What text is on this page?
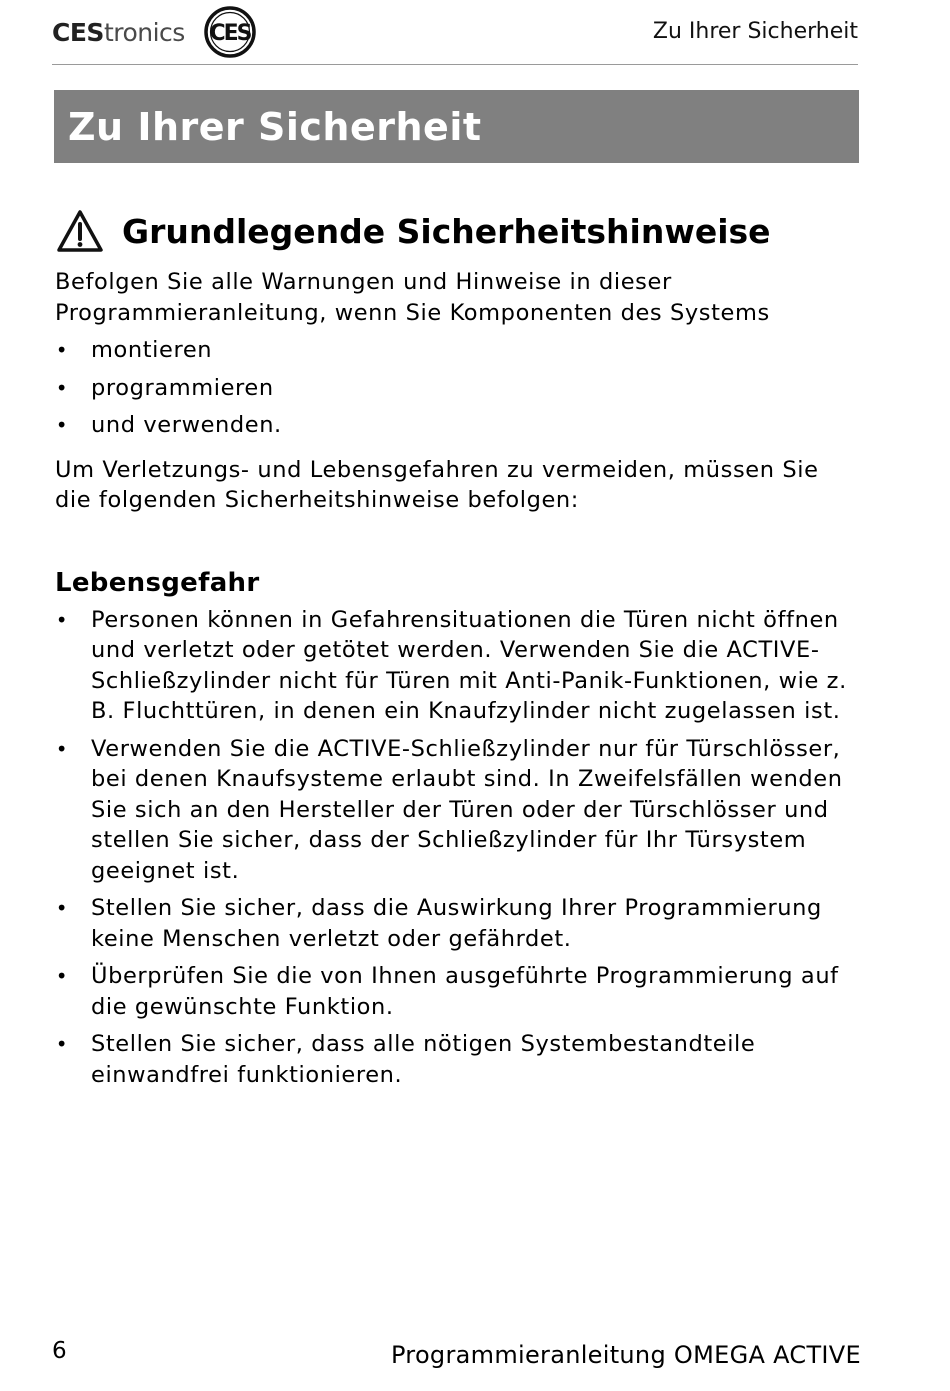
CEStronics CES	Zu Ihrer Sicherheit
Zu Ihrer Sicherheit
Grundlegende Sicherheitshinweise

Befolgen Sie alle Warnungen und Hinweise in dieser Programmieranleitung, wenn Sie Komponenten des Systems

• montieren
• programmieren
• und verwenden.

Um Verletzungs- und Lebensgefahren zu vermeiden, müssen Sie die folgenden Sicherheitshinweise befolgen:

Lebensgefahr
• Personen können in Gefahrensituationen die Türen nicht öffnen und verletzt oder getötet werden. Verwenden Sie die ACTIVE-Schließzylinder nicht für Türen mit Anti-Panik-Funktionen, wie z. B. Fluchttüren, in denen ein Knaufzylinder nicht zugelassen ist.
• Verwenden Sie die ACTIVE-Schließzylinder nur für Türschlösser, bei denen Knaufsysteme erlaubt sind. In Zweifelsfällen wenden Sie sich an den Hersteller der Türen oder der Türschlösser und stellen Sie sicher, dass der Schließzylinder für Ihr Türsystem geeignet ist.
• Stellen Sie sicher, dass die Auswirkung Ihrer Programmierung keine Menschen verletzt oder gefährdet.
• Überprüfen Sie die von Ihnen ausgeführte Programmierung auf die gewünschte Funktion.
• Stellen Sie sicher, dass alle nötigen Systembestandteile einwandfrei funktionieren.
6	Programmieranleitung OMEGA ACTIVE
